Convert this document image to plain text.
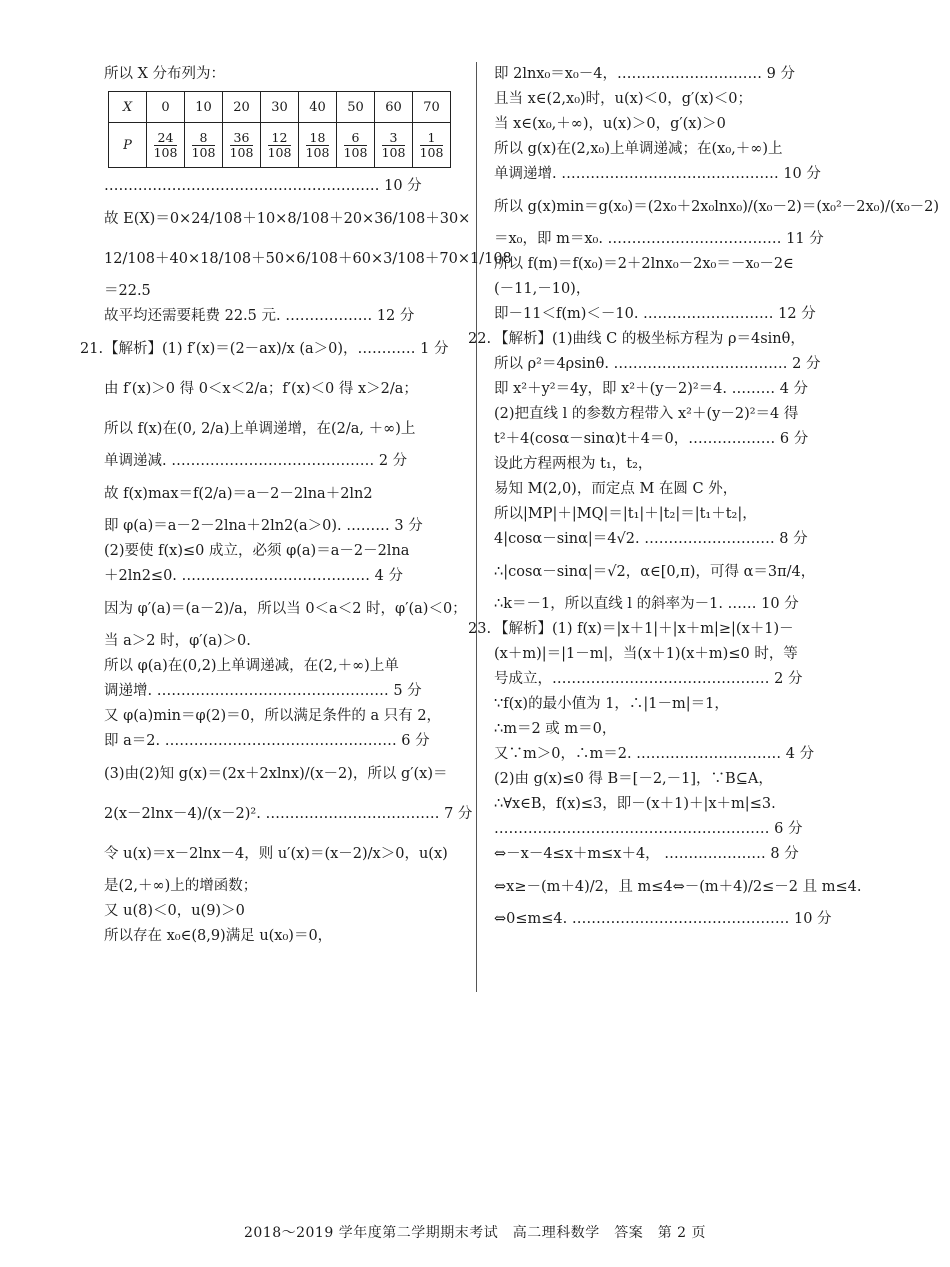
所以 X 分布列为：
X	0	10	20	30	40	50	60	70
P	$\frac{24}{108}$	$\frac{8}{108}$	$\frac{36}{108}$	$\frac{12}{108}$	$\frac{18}{108}$	$\frac{6}{108}$	$\frac{3}{108}$	$\frac{1}{108}$
………………………………………………… 10 分
故 E(X)＝0×24/108＋10×8/108＋20×36/108＋30×
12/108＋40×18/108＋50×6/108＋60×3/108＋70×1/108
＝22.5
故平均还需要耗费 22.5 元. ……………… 12 分
21. 【解析】(1) f′(x)＝(2－ax)/x (a＞0)，………… 1 分
由 f′(x)＞0 得 0＜x＜2/a；f′(x)＜0 得 x＞2/a；
所以 f(x)在(0, 2/a)上单调递增，在(2/a, ＋∞)上
单调递减. …………………………………… 2 分
故 f(x)max＝f(2/a)＝a－2－2lna＋2ln2
即 φ(a)＝a－2－2lna＋2ln2(a＞0). ……… 3 分
(2)要使 f(x)≤0 成立，必须 φ(a)＝a－2－2lna
＋2ln2≤0. ………………………………… 4 分
因为 φ′(a)＝(a－2)/a，所以当 0＜a＜2 时，φ′(a)＜0；
当 a＞2 时，φ′(a)＞0.
所以 φ(a)在(0,2)上单调递减，在(2,＋∞)上单
调递增. ………………………………………… 5 分
又 φ(a)min＝φ(2)＝0，所以满足条件的 a 只有 2，
即 a＝2. ………………………………………… 6 分
(3)由(2)知 g(x)＝(2x＋2xlnx)/(x－2)，所以 g′(x)＝
2(x－2lnx－4)/(x－2)². ……………………………… 7 分
令 u(x)＝x－2lnx－4，则 u′(x)＝(x－2)/x＞0，u(x)
是(2,＋∞)上的增函数；
又 u(8)＜0，u(9)＞0
所以存在 x₀∈(8,9)满足 u(x₀)＝0，
即 2lnx₀＝x₀－4，………………………… 9 分
且当 x∈(2,x₀)时，u(x)＜0，g′(x)＜0；
当 x∈(x₀,＋∞)，u(x)＞0，g′(x)＞0
所以 g(x)在(2,x₀)上单调递减；在(x₀,＋∞)上
单调递增. ……………………………………… 10 分
所以 g(x)min＝g(x₀)＝(2x₀＋2x₀lnx₀)/(x₀－2)＝(x₀²－2x₀)/(x₀－2)
＝x₀，即 m＝x₀. ……………………………… 11 分
所以 f(m)＝f(x₀)＝2＋2lnx₀－2x₀＝－x₀－2∈
(－11,－10)，
即－11＜f(m)＜－10. ……………………… 12 分
22. 【解析】(1)曲线 C 的极坐标方程为 ρ＝4sinθ，
所以 ρ²＝4ρsinθ. ……………………………… 2 分
即 x²＋y²＝4y，即 x²＋(y－2)²＝4. ……… 4 分
(2)把直线 l 的参数方程带入 x²＋(y－2)²＝4 得
t²＋4(cosα－sinα)t＋4＝0，……………… 6 分
设此方程两根为 t₁，t₂，
易知 M(2,0)，而定点 M 在圆 C 外，
所以|MP|＋|MQ|＝|t₁|＋|t₂|＝|t₁＋t₂|，
4|cosα－sinα|＝4√2. ……………………… 8 分
∴|cosα－sinα|＝√2，α∈[0,π)，可得 α＝3π/4，
∴k＝－1，所以直线 l 的斜率为－1. …… 10 分
23. 【解析】(1) f(x)＝|x＋1|＋|x＋m|≥|(x＋1)－
(x＋m)|＝|1－m|，当(x＋1)(x＋m)≤0 时，等
号成立，……………………………………… 2 分
∵f(x)的最小值为 1，∴|1－m|＝1，
∴m＝2 或 m＝0，
又∵m＞0，∴m＝2. ………………………… 4 分
(2)由 g(x)≤0 得 B＝[－2,－1]，∵B⊆A，
∴∀x∈B，f(x)≤3，即－(x＋1)＋|x＋m|≤3.
………………………………………………… 6 分
⇔－x－4≤x＋m≤x＋4， ………………… 8 分
⇔x≥－(m＋4)/2，且 m≤4⇔－(m＋4)/2≤－2 且 m≤4.
⇔0≤m≤4. ……………………………………… 10 分
2018～2019 学年度第二学期期末考试　高二理科数学　答案　第 2 页
